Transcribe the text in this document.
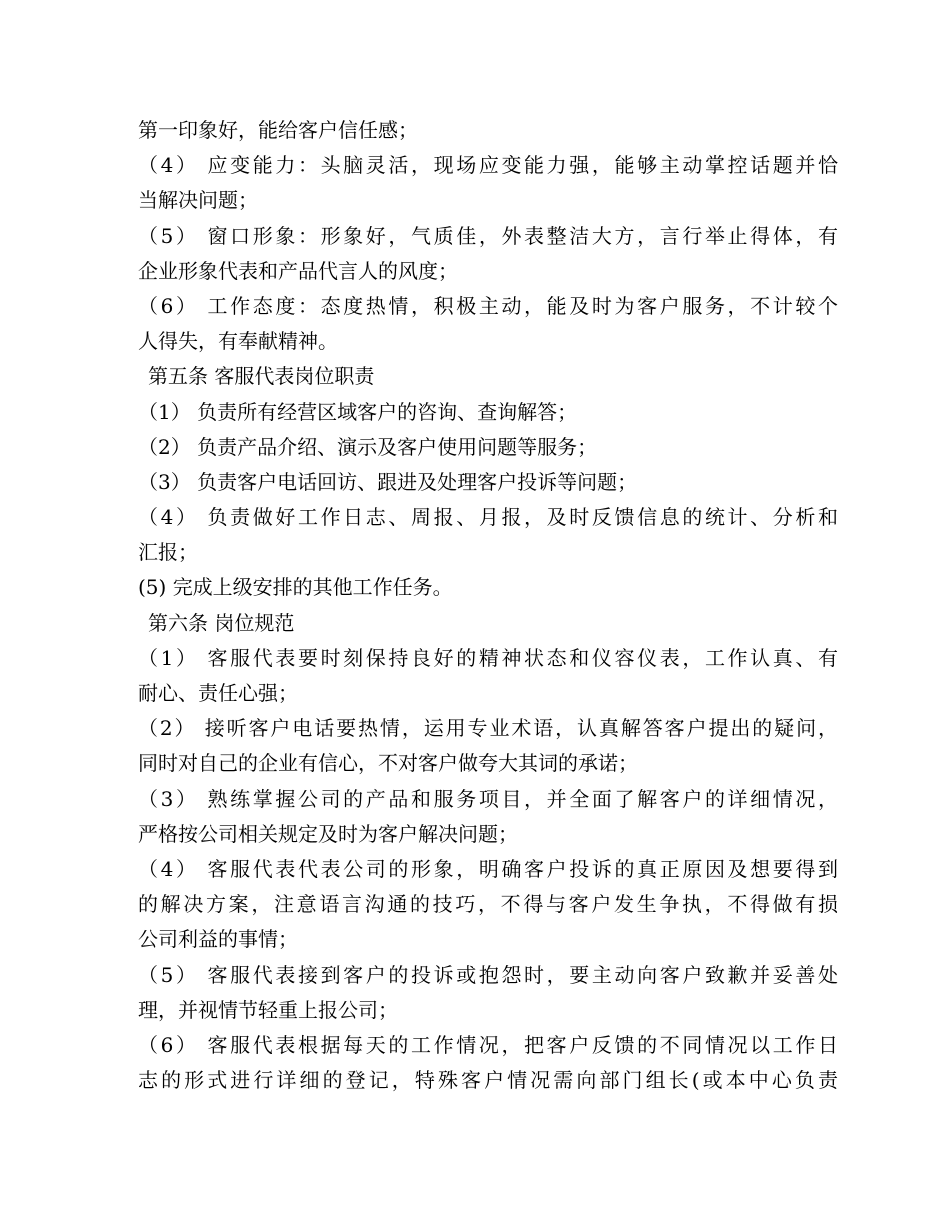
第一印象好，能给客户信任感；
（4） 应变能力：头脑灵活，现场应变能力强，能够主动掌控话题并恰
当解决问题；
（5） 窗口形象：形象好，气质佳，外表整洁大方，言行举止得体，有
企业形象代表和产品代言人的风度；
（6） 工作态度：态度热情，积极主动，能及时为客户服务，不计较个
人得失，有奉献精神。
第五条 客服代表岗位职责
（1） 负责所有经营区域客户的咨询、查询解答；
（2） 负责产品介绍、演示及客户使用问题等服务；
（3） 负责客户电话回访、跟进及处理客户投诉等问题；
（4） 负责做好工作日志、周报、月报，及时反馈信息的统计、分析和
汇报；
(5) 完成上级安排的其他工作任务。
第六条 岗位规范
（1） 客服代表要时刻保持良好的精神状态和仪容仪表，工作认真、有
耐心、责任心强；
（2） 接听客户电话要热情，运用专业术语，认真解答客户提出的疑问，
同时对自己的企业有信心，不对客户做夸大其词的承诺；
（3） 熟练掌握公司的产品和服务项目，并全面了解客户的详细情况，
严格按公司相关规定及时为客户解决问题；
（4） 客服代表代表公司的形象，明确客户投诉的真正原因及想要得到
的解决方案，注意语言沟通的技巧，不得与客户发生争执，不得做有损
公司利益的事情；
（5） 客服代表接到客户的投诉或抱怨时，要主动向客户致歉并妥善处
理，并视情节轻重上报公司；
（6） 客服代表根据每天的工作情况，把客户反馈的不同情况以工作日
志的形式进行详细的登记，特殊客户情况需向部门组长(或本中心负责
